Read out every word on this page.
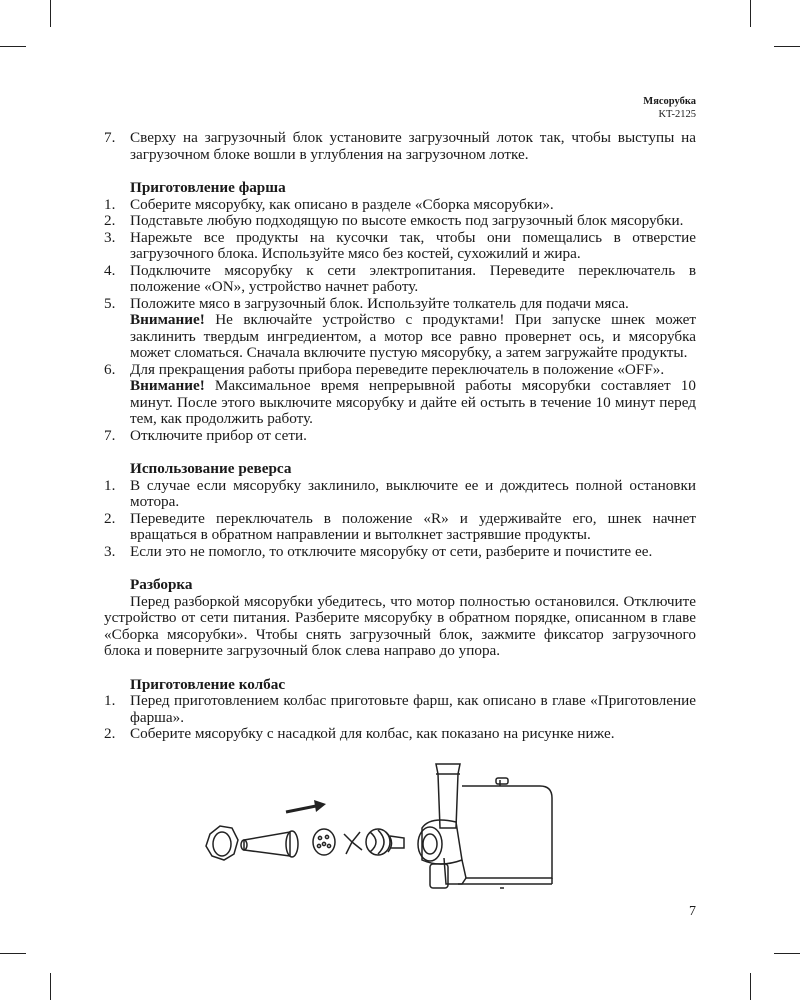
Мясорубка
KT-2125
7. Сверху на загрузочный блок установите загрузочный лоток так, чтобы выступы на загрузочном блоке вошли в углубления на загрузочном лотке.
Приготовление фарша
1. Соберите мясорубку, как описано в разделе «Сборка мясорубки».
2. Подставьте любую подходящую по высоте емкость под загрузочный блок мясорубки.
3. Нарежьте все продукты на кусочки так, чтобы они помещались в отверстие загрузочного блока. Используйте мясо без костей, сухожилий и жира.
4. Подключите мясорубку к сети электропитания. Переведите переключатель в положение «ON», устройство начнет работу.
5. Положите мясо в загрузочный блок. Используйте толкатель для подачи мяса.
Внимание! Не включайте устройство с продуктами! При запуске шнек может заклинить твердым ингредиентом, а мотор все равно провернет ось, и мясорубка может сломаться. Сначала включите пустую мясорубку, а затем загружайте продукты.
6. Для прекращения работы прибора переведите переключатель в положение «OFF».
Внимание! Максимальное время непрерывной работы мясорубки составляет 10 минут. После этого выключите мясорубку и дайте ей остыть в течение 10 минут перед тем, как продолжить работу.
7. Отключите прибор от сети.
Использование реверса
1. В случае если мясорубку заклинило, выключите ее и дождитесь полной остановки мотора.
2. Переведите переключатель в положение «R» и удерживайте его, шнек начнет вращаться в обратном направлении и вытолкнет застрявшие продукты.
3. Если это не помогло, то отключите мясорубку от сети, разберите и почистите ее.
Разборка
Перед разборкой мясорубки убедитесь, что мотор полностью остановился. Отключите устройство от сети питания. Разберите мясорубку в обратном порядке, описанном в главе «Сборка мясорубки». Чтобы снять загрузочный блок, зажмите фиксатор загрузочного блока и поверните загрузочный блок слева направо до упора.
Приготовление колбас
1. Перед приготовлением колбас приготовьте фарш, как описано в главе «Приготовление фарша».
2. Соберите мясорубку с насадкой для колбас, как показано на рисунке ниже.
7
